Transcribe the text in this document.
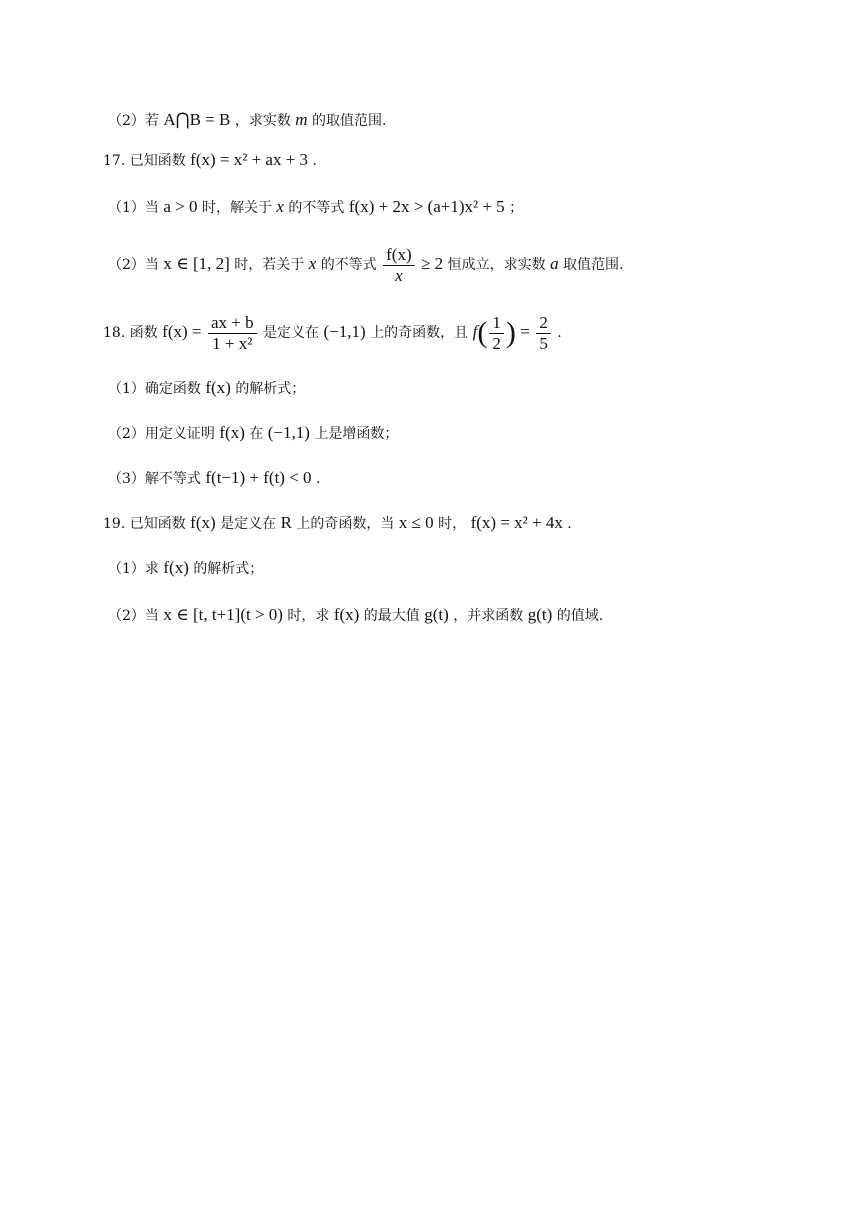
（2）若 A⋂B = B ，求实数 m 的取值范围.
17. 已知函数 f(x) = x² + ax + 3 .
（1）当 a > 0 时，解关于 x 的不等式 f(x) + 2x > (a+1)x² + 5 ；
（2）当 x ∈ [1, 2] 时，若关于 x 的不等式 $\frac{f(x)}{x} \ge 2$ 恒成立，求实数 a 取值范围.
18. 函数 $f(x) = \frac{ax + b}{\text{1 + x²}}$ 是定义在 (−1,1) 上的奇函数，且 $f( \frac{1}{2}$ ) = $\frac{2}{5}$ .
（1）确定函数 f(x) 的解析式；
（2）用定义证明 f(x) 在 (−1,1) 上是增函数；
（3）解不等式 f(t−1) + f(t) < 0 .
19. 已知函数 f(x) 是定义在 R 上的奇函数，当 x ≤ 0 时， f(x) = x² + 4x .
（1）求 f(x) 的解析式；
（2）当 x ∈ [t, t+1](t > 0) 时，求 f(x) 的最大值 g(t) ，并求函数 g(t) 的值域.
